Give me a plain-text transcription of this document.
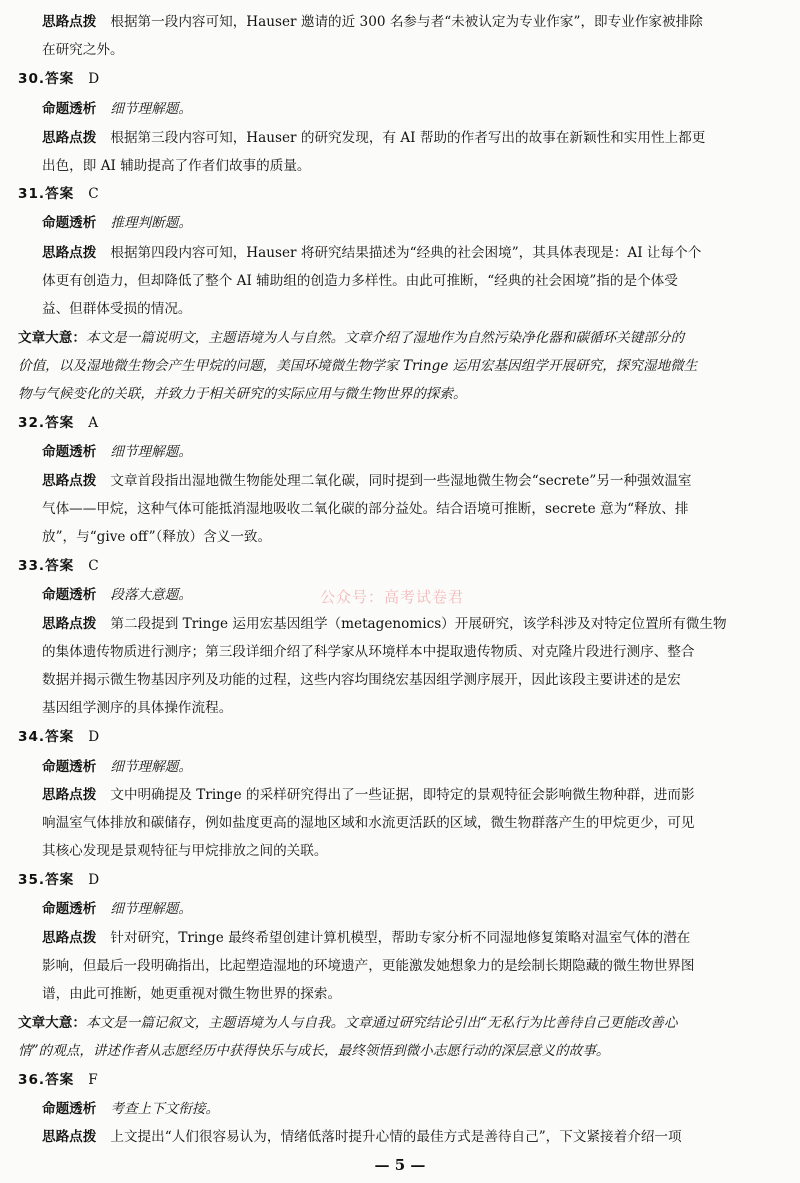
思路点拨 根据第一段内容可知，Hauser 邀请的近 300 名参与者“未被认定为专业作家”，即专业作家被排除
在研究之外。
30.答案 D
命题透析 细节理解题。
思路点拨 根据第三段内容可知，Hauser 的研究发现，有 AI 帮助的作者写出的故事在新颖性和实用性上都更
出色，即 AI 辅助提高了作者们故事的质量。
31.答案 C
命题透析 推理判断题。
思路点拨 根据第四段内容可知，Hauser 将研究结果描述为“经典的社会困境”，其具体表现是：AI 让每个个
体更有创造力，但却降低了整个 AI 辅助组的创造力多样性。由此可推断，“经典的社会困境”指的是个体受
益、但群体受损的情况。
文章大意：本文是一篇说明文，主题语境为人与自然。文章介绍了湿地作为自然污染净化器和碳循环关键部分的
价值，以及湿地微生物会产生甲烷的问题，美国环境微生物学家 Tringe 运用宏基因组学开展研究，探究湿地微生
物与气候变化的关联，并致力于相关研究的实际应用与微生物世界的探索。
32.答案 A
命题透析 细节理解题。
思路点拨 文章首段指出湿地微生物能处理二氧化碳，同时提到一些湿地微生物会“secrete”另一种强效温室
气体——甲烷，这种气体可能抵消湿地吸收二氧化碳的部分益处。结合语境可推断，secrete 意为“释放、排
放”，与“give off”（释放）含义一致。
33.答案 C
命题透析 段落大意题。	公众号：高考试卷君
思路点拨 第二段提到 Tringe 运用宏基因组学（metagenomics）开展研究，该学科涉及对特定位置所有微生物
的集体遗传物质进行测序；第三段详细介绍了科学家从环境样本中提取遗传物质、对克隆片段进行测序、整合
数据并揭示微生物基因序列及功能的过程，这些内容均围绕宏基因组学测序展开，因此该段主要讲述的是宏
基因组学测序的具体操作流程。
34.答案 D
命题透析 细节理解题。
思路点拨 文中明确提及 Tringe 的采样研究得出了一些证据，即特定的景观特征会影响微生物种群，进而影
响温室气体排放和碳储存，例如盐度更高的湿地区域和水流更活跃的区域，微生物群落产生的甲烷更少，可见
其核心发现是景观特征与甲烷排放之间的关联。
35.答案 D
命题透析 细节理解题。
思路点拨 针对研究，Tringe 最终希望创建计算机模型，帮助专家分析不同湿地修复策略对温室气体的潜在
影响，但最后一段明确指出，比起塑造湿地的环境遗产，更能激发她想象力的是绘制长期隐藏的微生物世界图
谱，由此可推断，她更重视对微生物世界的探索。
文章大意：本文是一篇记叙文，主题语境为人与自我。文章通过研究结论引出“无私行为比善待自己更能改善心
情”的观点，讲述作者从志愿经历中获得快乐与成长，最终领悟到微小志愿行动的深层意义的故事。
36.答案 F
命题透析 考查上下文衔接。
思路点拨 上文提出“人们很容易认为，情绪低落时提升心情的最佳方式是善待自己”，下文紧接着介绍一项
— 5 —
